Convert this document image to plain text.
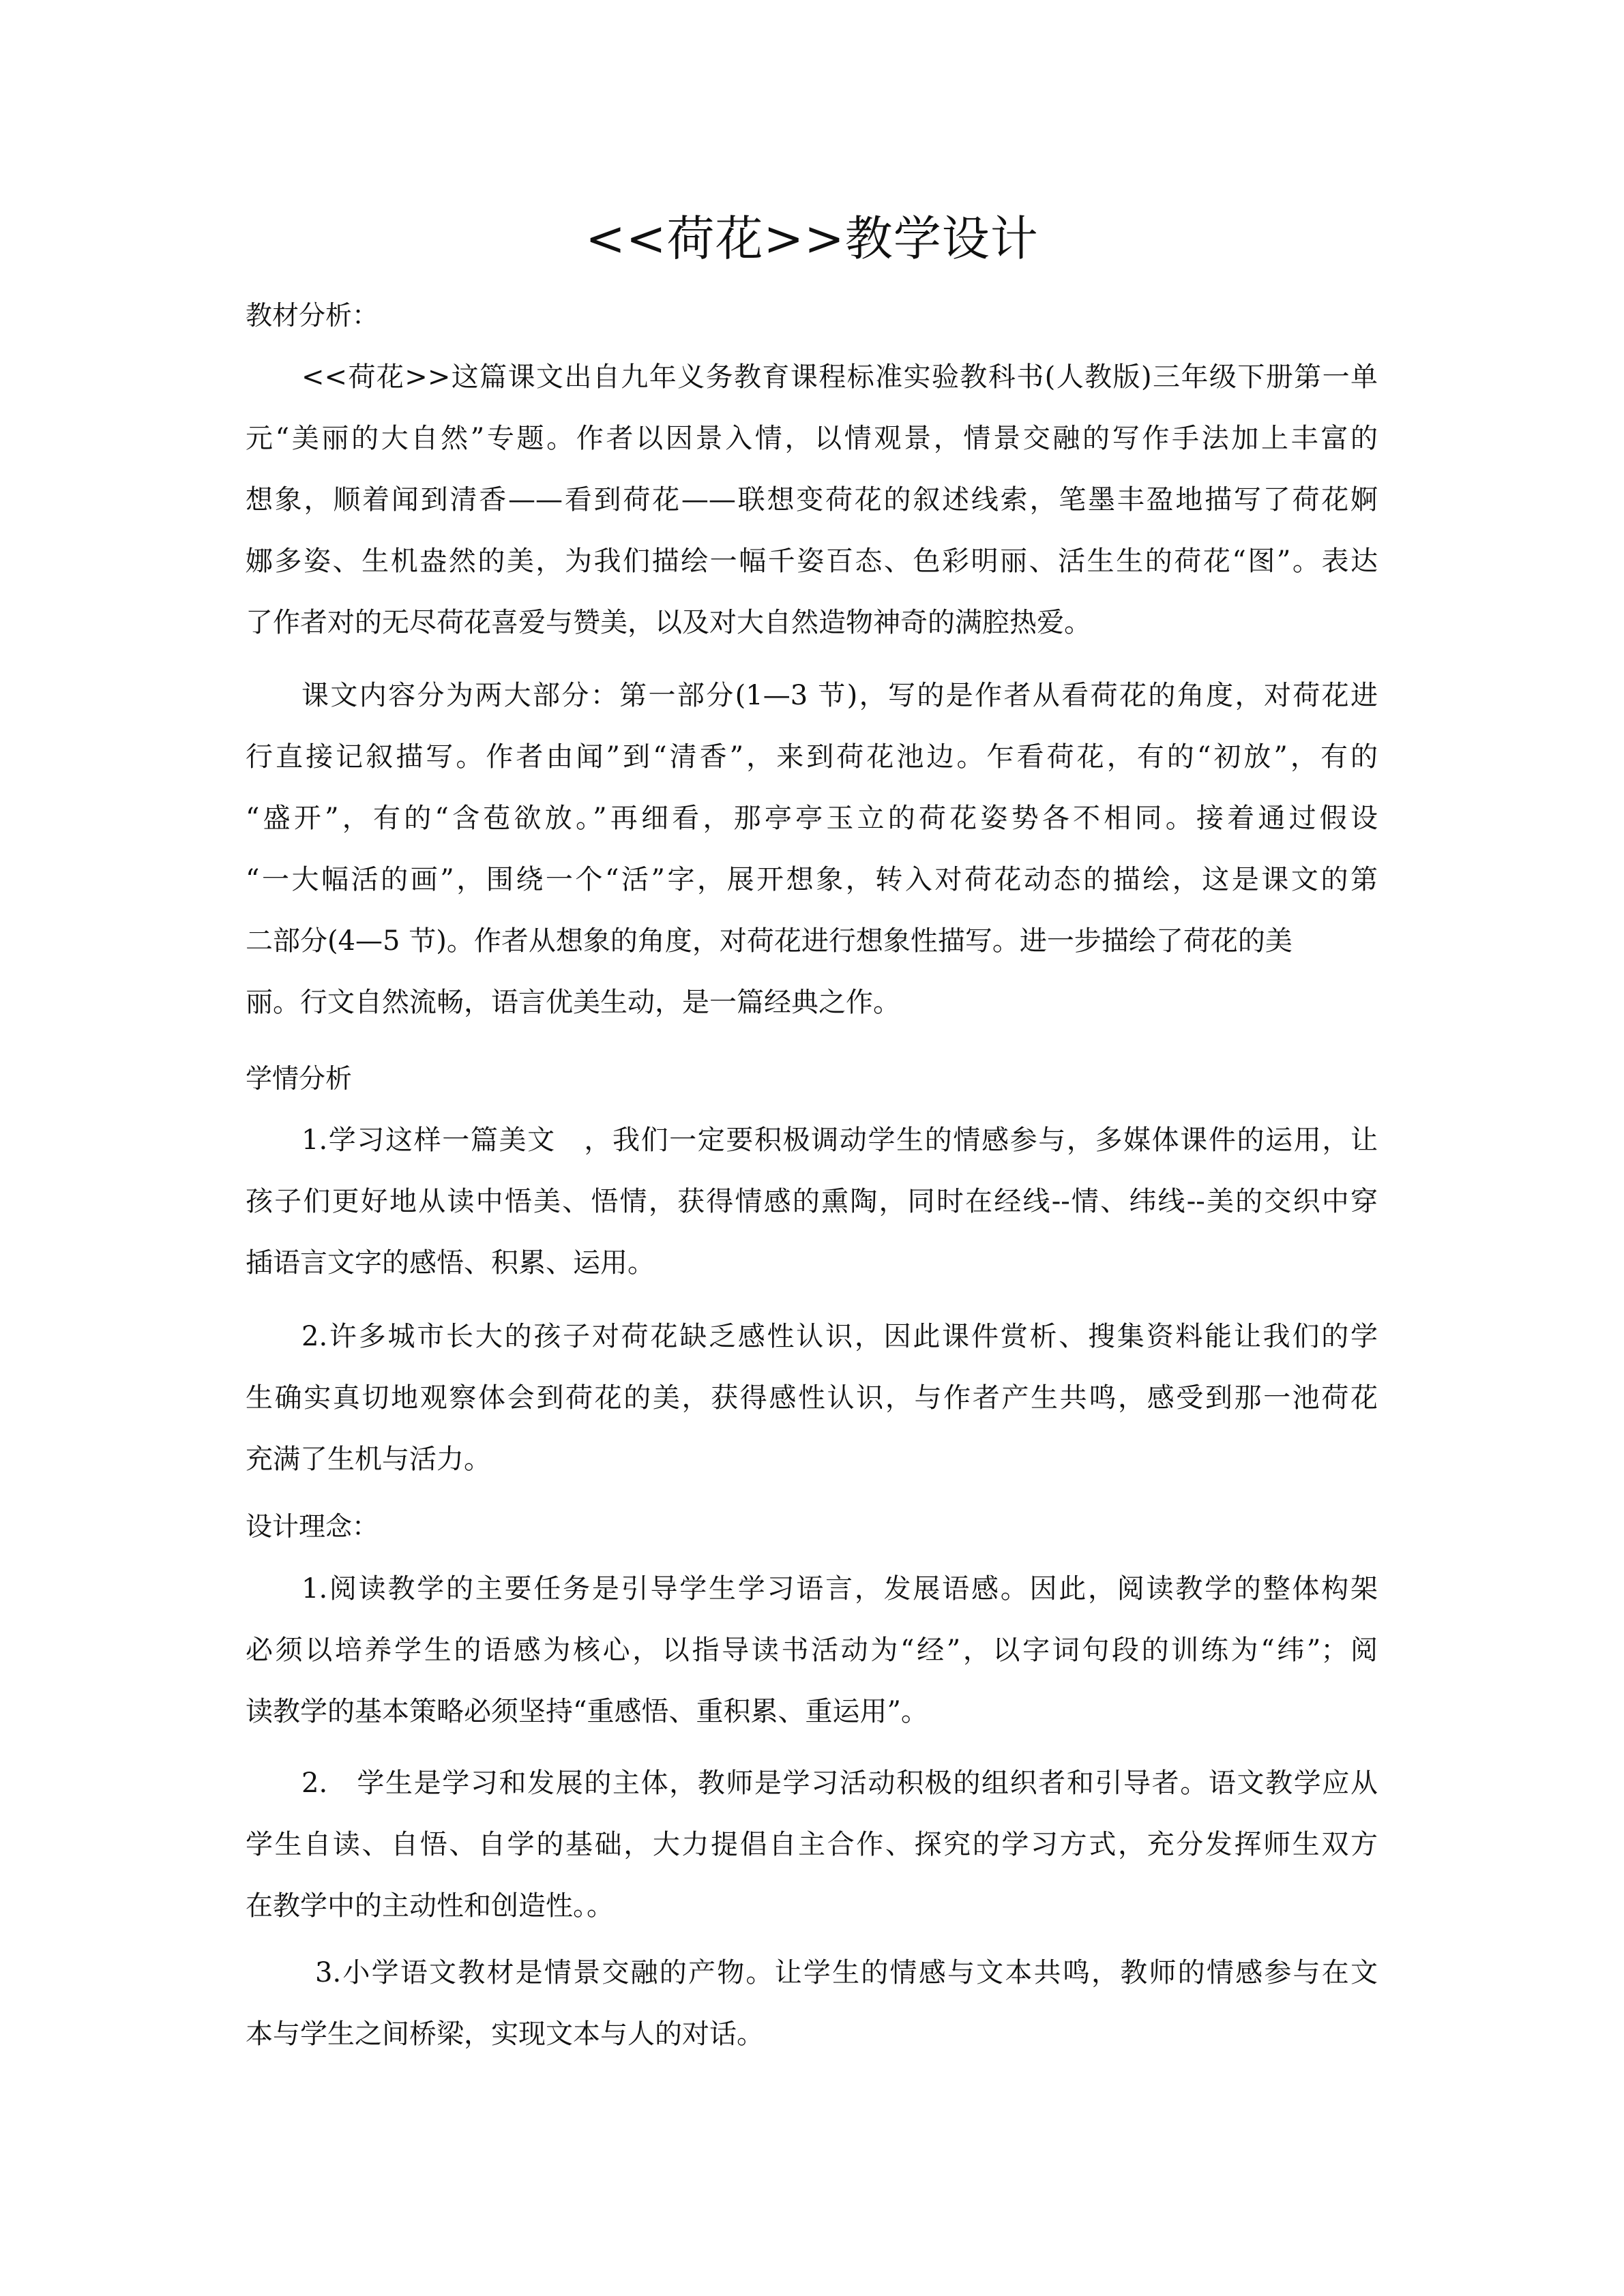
<<荷花>>教学设计
教材分析：
<<荷花>>这篇课文出自九年义务教育课程标准实验教科书(人教版)三年级下册第一单
元“美丽的大自然”专题。作者以因景入情，以情观景，情景交融的写作手法加上丰富的
想象，顺着闻到清香——看到荷花——联想变荷花的叙述线索，笔墨丰盈地描写了荷花婀
娜多姿、生机盎然的美，为我们描绘一幅千姿百态、色彩明丽、活生生的荷花“图”。表达
了作者对的无尽荷花喜爱与赞美，以及对大自然造物神奇的满腔热爱。
课文内容分为两大部分：第一部分(1—3 节)，写的是作者从看荷花的角度，对荷花进
行直接记叙描写。作者由闻”到“清香”，来到荷花池边。乍看荷花，有的“初放”，有的
“盛开”，有的“含苞欲放。”再细看，那亭亭玉立的荷花姿势各不相同。接着通过假设
“一大幅活的画”，围绕一个“活”字，展开想象，转入对荷花动态的描绘，这是课文的第
二部分(4—5 节)。作者从想象的角度，对荷花进行想象性描写。进一步描绘了荷花的美
丽。行文自然流畅，语言优美生动，是一篇经典之作。
学情分析
1.学习这样一篇美文　，我们一定要积极调动学生的情感参与，多媒体课件的运用，让
孩子们更好地从读中悟美、悟情，获得情感的熏陶，同时在经线--情、纬线--美的交织中穿
插语言文字的感悟、积累、运用。
2.许多城市长大的孩子对荷花缺乏感性认识，因此课件赏析、搜集资料能让我们的学
生确实真切地观察体会到荷花的美，获得感性认识，与作者产生共鸣，感受到那一池荷花
充满了生机与活力。
设计理念：
1.阅读教学的主要任务是引导学生学习语言，发展语感。因此，阅读教学的整体构架
必须以培养学生的语感为核心，以指导读书活动为“经”，以字词句段的训练为“纬”；阅
读教学的基本策略必须坚持“重感悟、重积累、重运用”。
2.　学生是学习和发展的主体，教师是学习活动积极的组织者和引导者。语文教学应从
学生自读、自悟、自学的基础，大力提倡自主合作、探究的学习方式，充分发挥师生双方
在教学中的主动性和创造性。。
3.小学语文教材是情景交融的产物。让学生的情感与文本共鸣，教师的情感参与在文
本与学生之间桥梁，实现文本与人的对话。
